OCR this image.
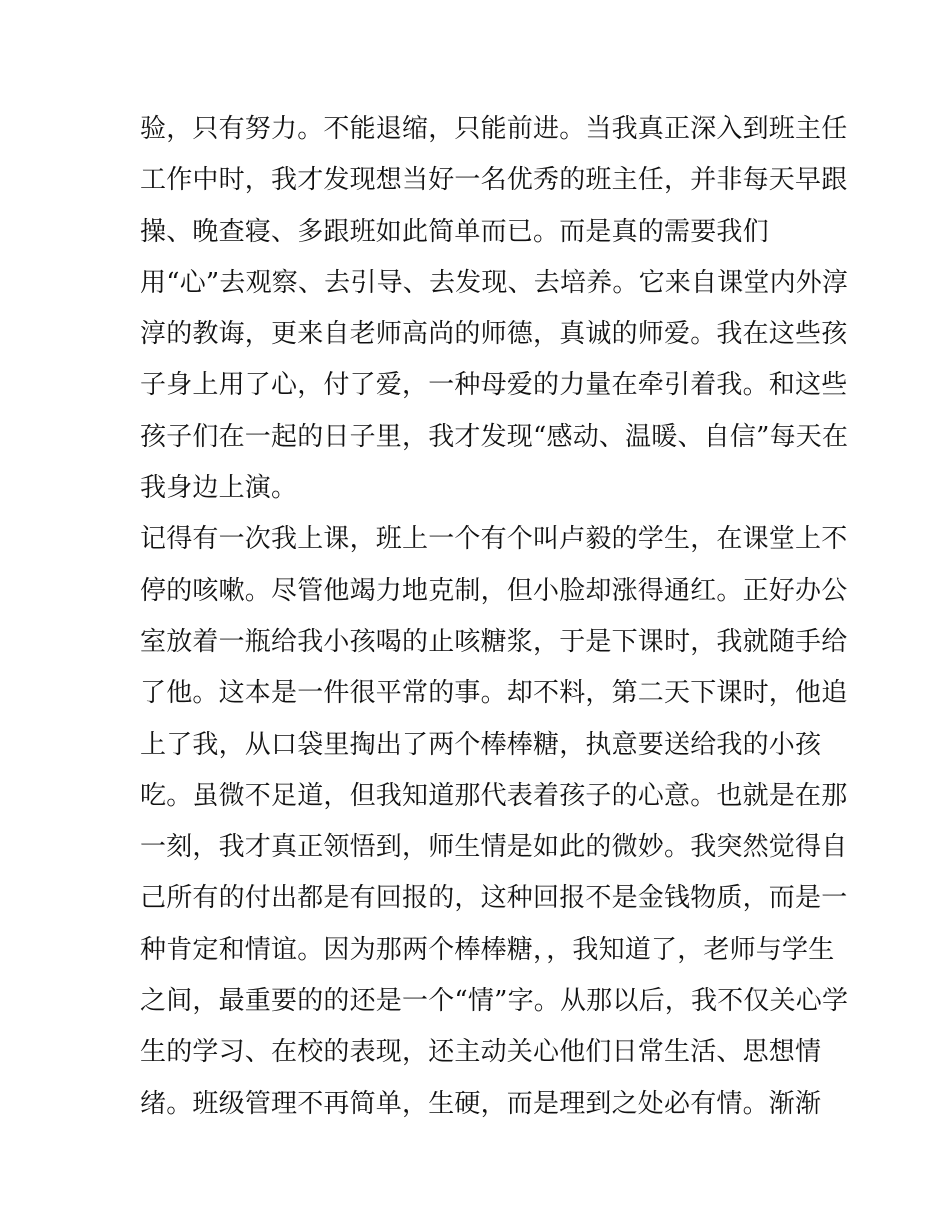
验，只有努力。不能退缩，只能前进。当我真正深入到班主任
工作中时，我才发现想当好一名优秀的班主任，并非每天早跟
操、晚查寝、多跟班如此简单而已。而是真的需要我们
用“心”去观察、去引导、去发现、去培养。它来自课堂内外淳
淳的教诲，更来自老师高尚的师德，真诚的师爱。我在这些孩
子身上用了心，付了爱，一种母爱的力量在牵引着我。和这些
孩子们在一起的日子里，我才发现“感动、温暖、自信”每天在
我身边上演。
记得有一次我上课，班上一个有个叫卢毅的学生，在课堂上不
停的咳嗽。尽管他竭力地克制，但小脸却涨得通红。正好办公
室放着一瓶给我小孩喝的止咳糖浆，于是下课时，我就随手给
了他。这本是一件很平常的事。却不料，第二天下课时，他追
上了我，从口袋里掏出了两个棒棒糖，执意要送给我的小孩
吃。虽微不足道，但我知道那代表着孩子的心意。也就是在那
一刻，我才真正领悟到，师生情是如此的微妙。我突然觉得自
己所有的付出都是有回报的，这种回报不是金钱物质，而是一
种肯定和情谊。因为那两个棒棒糖，，我知道了，老师与学生
之间，最重要的的还是一个“情”字。从那以后，我不仅关心学
生的学习、在校的表现，还主动关心他们日常生活、思想情
绪。班级管理不再简单，生硬，而是理到之处必有情。渐渐
